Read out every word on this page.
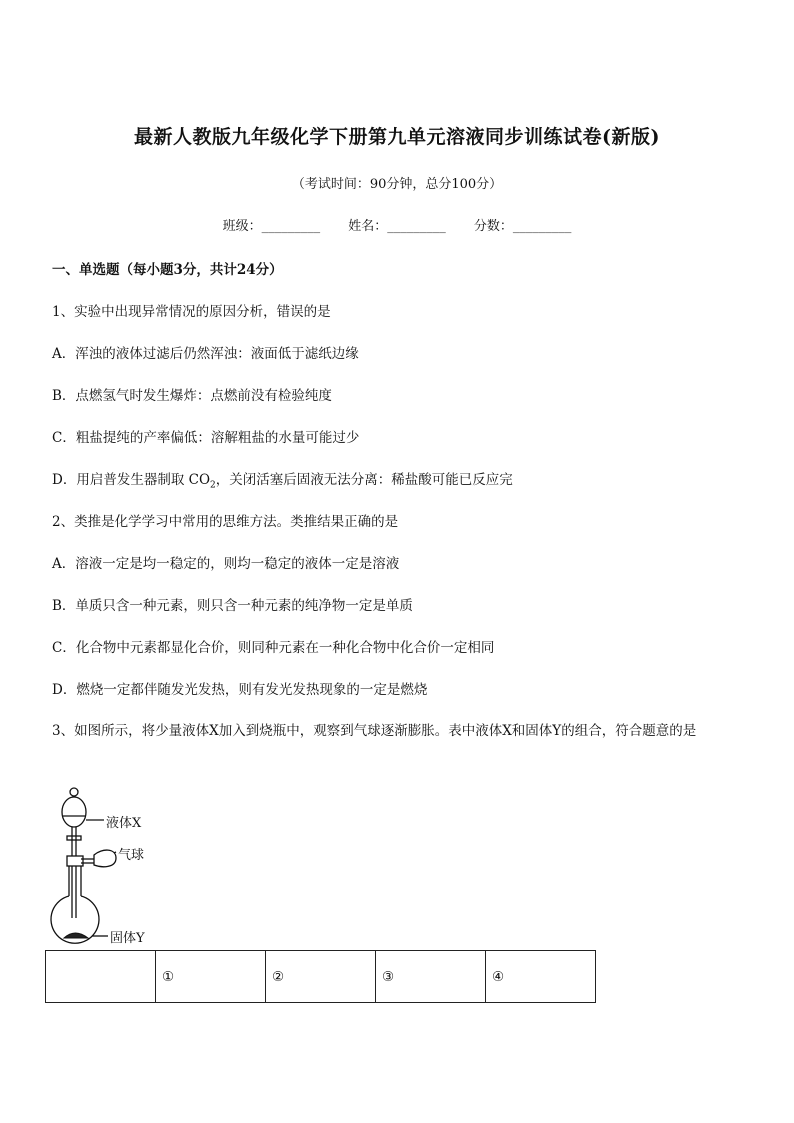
最新人教版九年级化学下册第九单元溶液同步训练试卷(新版)
（考试时间：90分钟，总分100分）
班级：_________ 姓名：_________ 分数：_________
一、单选题（每小题3分，共计24分）
1、实验中出现异常情况的原因分析，错误的是
A．浑浊的液体过滤后仍然浑浊：液面低于滤纸边缘
B．点燃氢气时发生爆炸：点燃前没有检验纯度
C．粗盐提纯的产率偏低：溶解粗盐的水量可能过少
D．用启普发生器制取 $CO_2$，关闭活塞后固液无法分离：稀盐酸可能已反应完
2、类推是化学学习中常用的思维方法。类推结果正确的是
A．溶液一定是均一稳定的，则均一稳定的液体一定是溶液
B．单质只含一种元素，则只含一种元素的纯净物一定是单质
C．化合物中元素都显化合价，则同种元素在一种化合物中化合价一定相同
D．燃烧一定都伴随发光发热，则有发光发热现象的一定是燃烧
3、如图所示，将少量液体X加入到烧瓶中，观察到气球逐渐膨胀。表中液体X和固体Y的组合，符合题意的是
液体X
气球
固体Y
	①	②	③	④
